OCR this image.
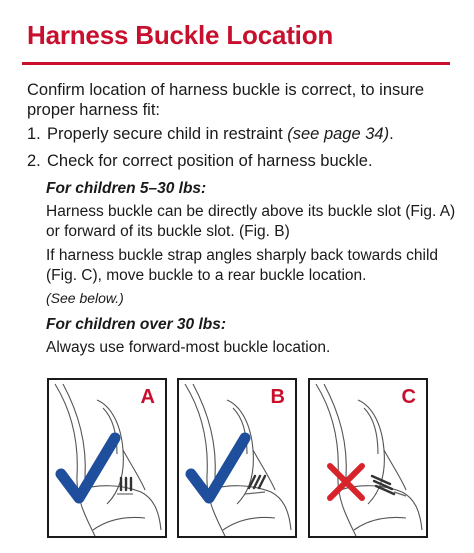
Harness Buckle Location
Confirm location of harness buckle is correct, to insure proper harness fit:
1. Properly secure child in restraint (see page 34).
2. Check for correct position of harness buckle.
For children 5–30 lbs:
Harness buckle can be directly above its buckle slot (Fig. A) or forward of its buckle slot. (Fig. B)
If harness buckle strap angles sharply back towards child (Fig. C), move buckle to a rear buckle location.
(See below.)
For children over 30 lbs:
Always use forward-most buckle location.
A	B	C
